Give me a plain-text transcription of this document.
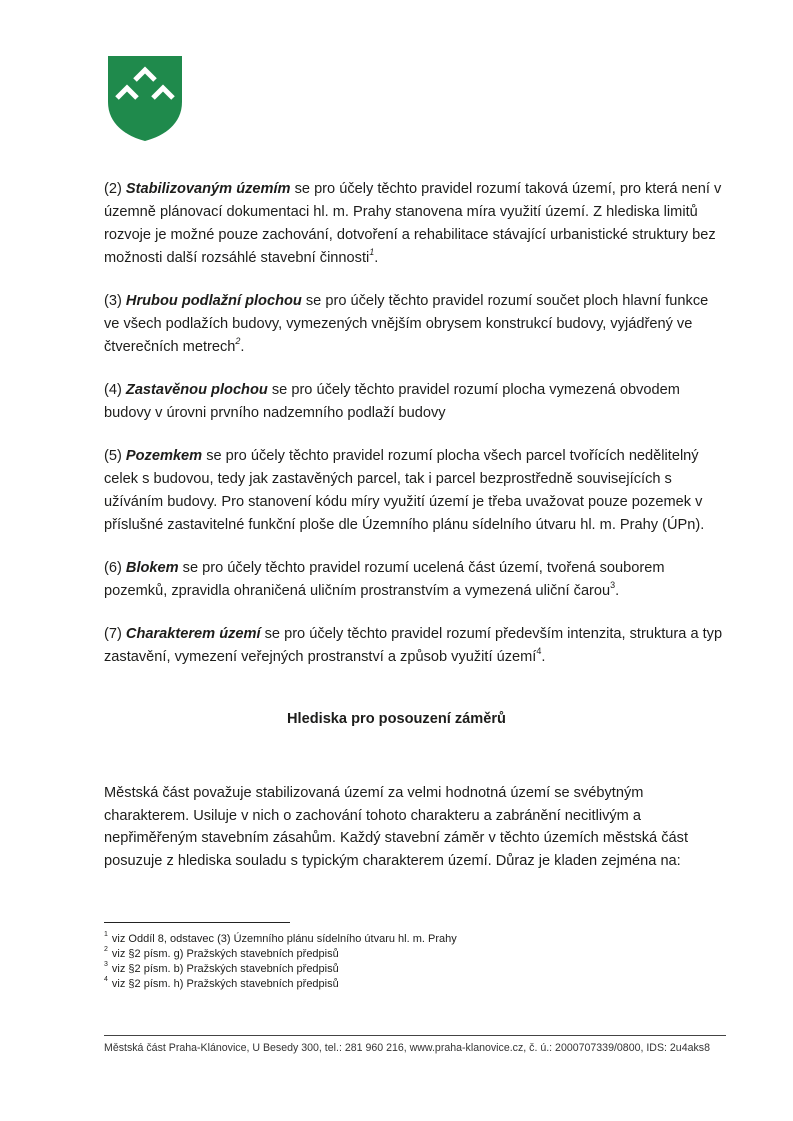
(2) Stabilizovaným územím se pro účely těchto pravidel rozumí taková území, pro která není v územně plánovací dokumentaci hl. m. Prahy stanovena míra využití území. Z hlediska limitů rozvoje je možné pouze zachování, dotvoření a rehabilitace stávající urbanistické struktury bez možnosti další rozsáhlé stavební činnosti$^1$.

(3) Hrubou podlažní plochou se pro účely těchto pravidel rozumí součet ploch hlavní funkce ve všech podlažích budovy, vymezených vnějším obrysem konstrukcí budovy, vyjádřený ve čtverečních metrech$^2$.

(4) Zastavěnou plochou se pro účely těchto pravidel rozumí plocha vymezená obvodem budovy v úrovni prvního nadzemního podlaží budovy

(5) Pozemkem se pro účely těchto pravidel rozumí plocha všech parcel tvořících nedělitelný celek s budovou, tedy jak zastavěných parcel, tak i parcel bezprostředně souvisejících s užíváním budovy. Pro stanovení kódu míry využití území je třeba uvažovat pouze pozemek v příslušné zastavitelné funkční ploše dle Územního plánu sídelního útvaru hl. m. Prahy (ÚPn).

(6) Blokem se pro účely těchto pravidel rozumí ucelená část území, tvořená souborem pozemků, zpravidla ohraničená uličním prostranstvím a vymezená uliční čarou$^3$.

(7) Charakterem území se pro účely těchto pravidel rozumí především intenzita, struktura a typ zastavění, vymezení veřejných prostranství a způsob využití území$^4$.

Hlediska pro posouzení záměrů

Městská část považuje stabilizovaná území za velmi hodnotná území se svébytným charakterem. Usiluje v nich o zachování tohoto charakteru a zabránění necitlivým a nepřiměřeným stavebním zásahům. Každý stavební záměr v těchto územích městská část posuzuje z hlediska souladu s typickým charakterem území. Důraz je kladen zejména na:

$^1$ viz Oddíl 8, odstavec (3) Územního plánu sídelního útvaru hl. m. Prahy
$^2$ viz §2 písm. g) Pražských stavebních předpisů
$^3$ viz §2 písm. b) Pražských stavebních předpisů
$^4$ viz §2 písm. h) Pražských stavebních předpisů
Městská část Praha-Klánovice, U Besedy 300, tel.: 281 960 216, www.praha-klanovice.cz, č. ú.: 2000707339/0800, IDS: 2u4aks8
